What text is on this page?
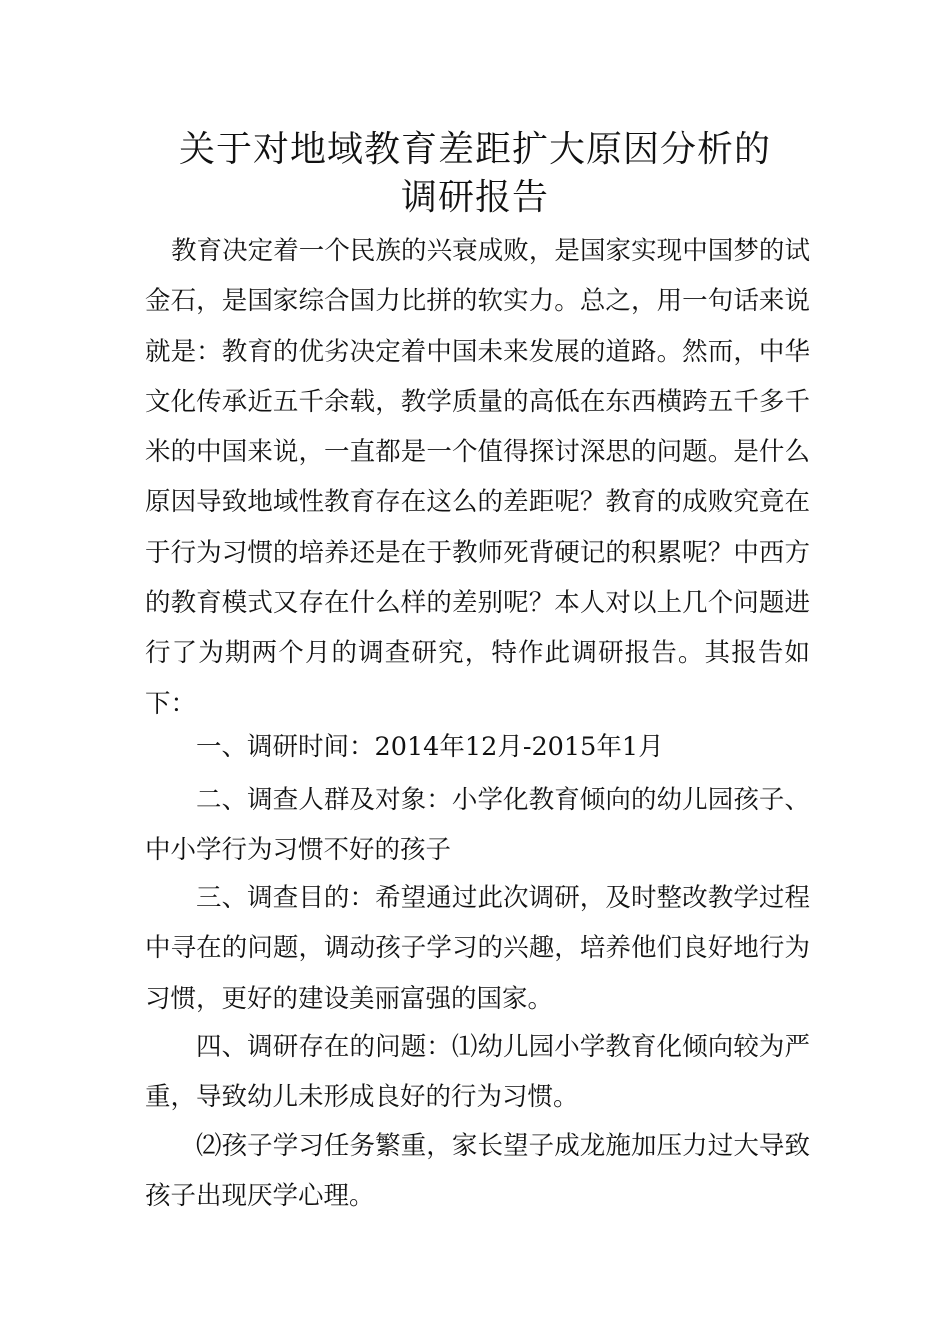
关于对地域教育差距扩大原因分析的
调研报告

教育决定着一个民族的兴衰成败，是国家实现中国梦的试金石，是国家综合国力比拼的软实力。总之，用一句话来说就是：教育的优劣决定着中国未来发展的道路。然而，中华文化传承近五千余载，教学质量的高低在东西横跨五千多千米的中国来说，一直都是一个值得探讨深思的问题。是什么原因导致地域性教育存在这么的差距呢？教育的成败究竟在于行为习惯的培养还是在于教师死背硬记的积累呢？中西方的教育模式又存在什么样的差别呢？本人对以上几个问题进行了为期两个月的调查研究，特作此调研报告。其报告如下：

一、调研时间：2014年12月-2015年1月

二、调查人群及对象：小学化教育倾向的幼儿园孩子、中小学行为习惯不好的孩子

三、调查目的：希望通过此次调研，及时整改教学过程中寻在的问题，调动孩子学习的兴趣，培养他们良好地行为习惯，更好的建设美丽富强的国家。

四、调研存在的问题：⑴幼儿园小学教育化倾向较为严重，导致幼儿未形成良好的行为习惯。

⑵孩子学习任务繁重，家长望子成龙施加压力过大导致孩子出现厌学心理。
